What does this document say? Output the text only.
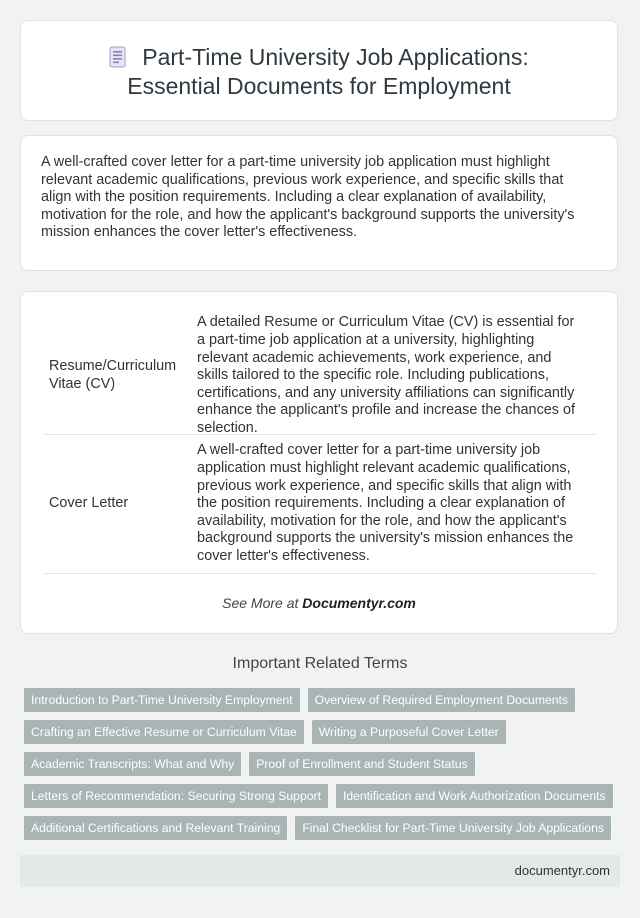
Part-Time University Job Applications:
Essential Documents for Employment
A well-crafted cover letter for a part-time university job application must highlight relevant academic qualifications, previous work experience, and specific skills that align with the position requirements. Including a clear explanation of availability, motivation for the role, and how the applicant's background supports the university's mission enhances the cover letter's effectiveness.
Resume/Curriculum Vitae (CV)
A detailed Resume or Curriculum Vitae (CV) is essential for a part-time job application at a university, highlighting relevant academic achievements, work experience, and skills tailored to the specific role. Including publications, certifications, and any university affiliations can significantly enhance the applicant's profile and increase the chances of selection.
Cover Letter
A well-crafted cover letter for a part-time university job application must highlight relevant academic qualifications, previous work experience, and specific skills that align with the position requirements. Including a clear explanation of availability, motivation for the role, and how the applicant's background supports the university's mission enhances the cover letter's effectiveness.
See More at Documentyr.com
Important Related Terms
Introduction to Part-Time University Employment	Overview of Required Employment Documents
Crafting an Effective Resume or Curriculum Vitae	Writing a Purposeful Cover Letter
Academic Transcripts: What and Why	Proof of Enrollment and Student Status
Letters of Recommendation: Securing Strong Support	Identification and Work Authorization Documents
Additional Certifications and Relevant Training	Final Checklist for Part-Time University Job Applications
documentyr.com
